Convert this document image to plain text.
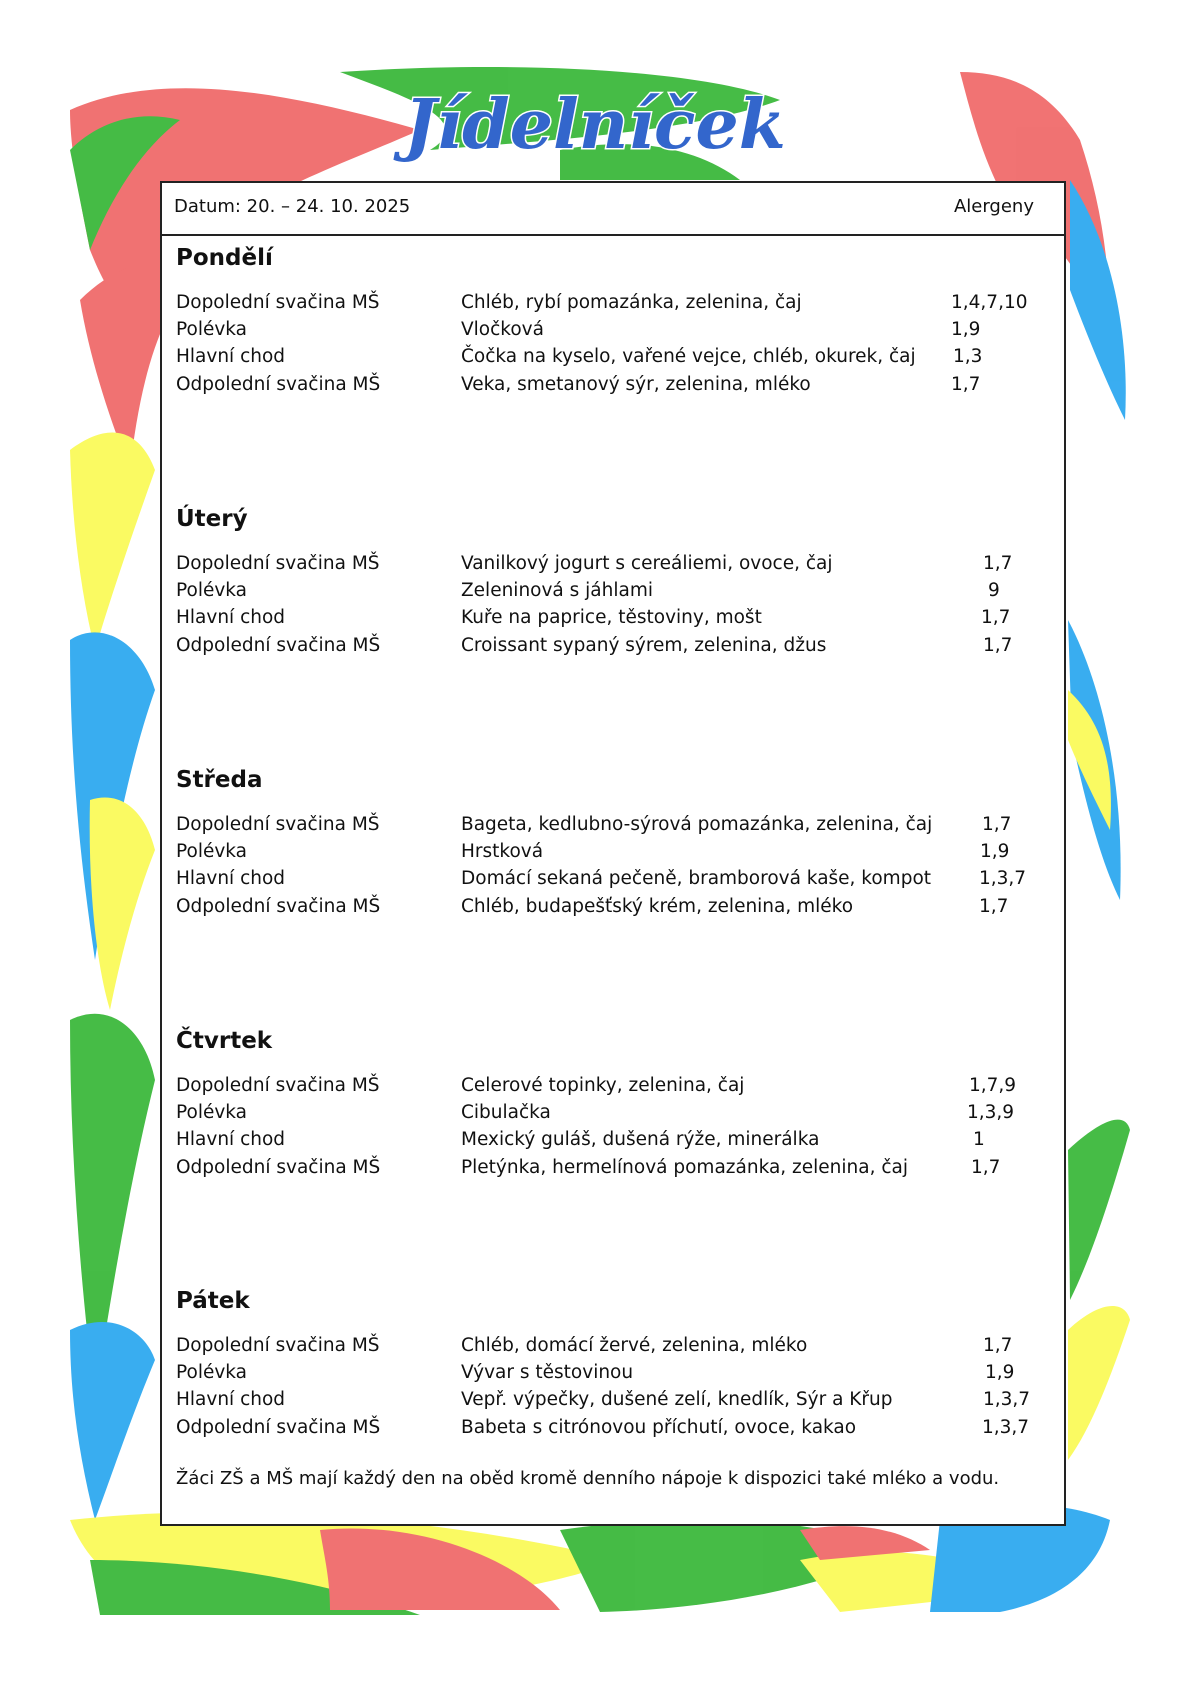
Jídelníček
Datum: 20. – 24. 10. 2025	Alergeny
Pondělí
Dopolední svačina MŠ	Chléb, rybí pomazánka, zelenina, čaj	1,4,7,10
Polévka	Vločková	1,9
Hlavní chod	Čočka na kyselo, vařené vejce, chléb, okurek, čaj 1,3
Odpolední svačina MŠ	Veka, smetanový sýr, zelenina, mléko	1,7
Úterý
Dopolední svačina MŠ	Vanilkový jogurt s cereáliemi, ovoce, čaj	1,7
Polévka	Zeleninová s jáhlami	9
Hlavní chod	Kuře na paprice, těstoviny, mošt	1,7
Odpolední svačina MŠ	Croissant sypaný sýrem, zelenina, džus	1,7
Středa
Dopolední svačina MŠ	Bageta, kedlubno-sýrová pomazánka, zelenina, čaj	1,7
Polévka	Hrstková	1,9
Hlavní chod	Domácí sekaná pečeně, bramborová kaše, kompot	1,3,7
Odpolední svačina MŠ	Chléb, budapešťský krém, zelenina, mléko	1,7
Čtvrtek
Dopolední svačina MŠ	Celerové topinky, zelenina, čaj	1,7,9
Polévka	Cibulačka	1,3,9
Hlavní chod	Mexický guláš, dušená rýže, minerálka	1
Odpolední svačina MŠ	Pletýnka, hermelínová pomazánka, zelenina, čaj	1,7
Pátek
Dopolední svačina MŠ	Chléb, domácí žervé, zelenina, mléko	1,7
Polévka	Vývar s těstovinou	1,9
Hlavní chod	Vepř. výpečky, dušené zelí, knedlík, Sýr a Křup	1,3,7
Odpolední svačina MŠ	Babeta s citrónovou příchutí, ovoce, kakao	1,3,7
Žáci ZŠ a MŠ mají každý den na oběd kromě denního nápoje k dispozici také mléko a vodu.
